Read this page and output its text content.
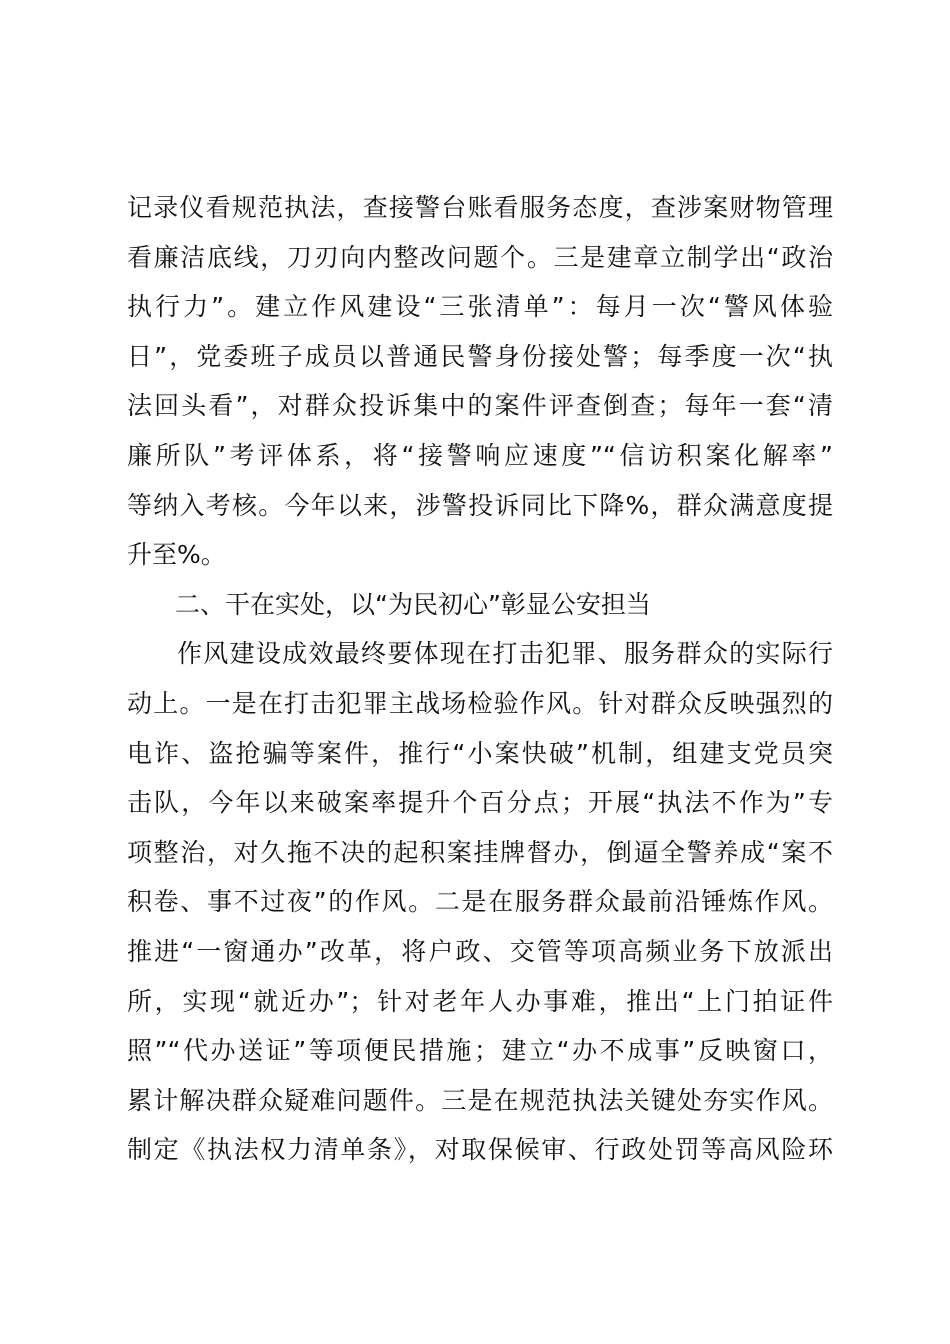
记录仪看规范执法，查接警台账看服务态度，查涉案财物管理
看廉洁底线，刀刃向内整改问题个。三是建章立制学出“政治
执行力”。建立作风建设“三张清单”：每月一次“警风体验
日”，党委班子成员以普通民警身份接处警；每季度一次“执
法回头看”，对群众投诉集中的案件评查倒查；每年一套“清
廉所队”考评体系，将“接警响应速度”“信访积案化解率”
等纳入考核。今年以来，涉警投诉同比下降%，群众满意度提
升至%。
二、干在实处，以“为民初心”彰显公安担当
作风建设成效最终要体现在打击犯罪、服务群众的实际行
动上。一是在打击犯罪主战场检验作风。针对群众反映强烈的
电诈、盗抢骗等案件，推行“小案快破”机制，组建支党员突
击队，今年以来破案率提升个百分点；开展“执法不作为”专
项整治，对久拖不决的起积案挂牌督办，倒逼全警养成“案不
积卷、事不过夜”的作风。二是在服务群众最前沿锤炼作风。
推进“一窗通办”改革，将户政、交管等项高频业务下放派出
所，实现“就近办”；针对老年人办事难，推出“上门拍证件
照”“代办送证”等项便民措施；建立“办不成事”反映窗口，
累计解决群众疑难问题件。三是在规范执法关键处夯实作风。
制定《执法权力清单条》，对取保候审、行政处罚等高风险环
